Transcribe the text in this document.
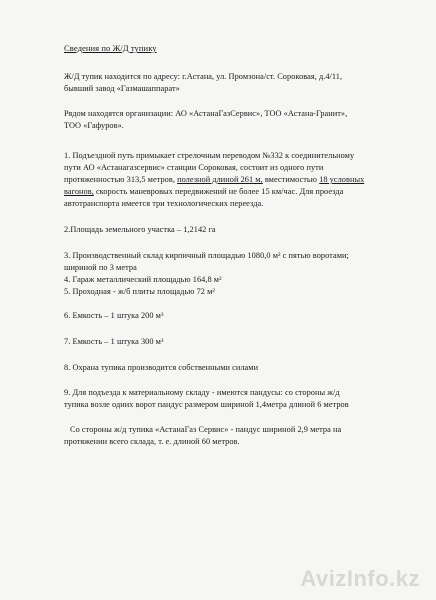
Сведения по Ж/Д тупику
Ж/Д тупик находится по адресу: г.Астана, ул. Промзона/ст. Сороковая, д.4/11,
бывший завод «Газмашаппарат»
Рядом находятся организации: АО «АстанаГазСервис», ТОО «Астана-Гранит»,
ТОО «Гафуров».
1. Подъездной путь примыкает стрелочным переводом №332 к соединительному
пути АО «Астанагазсервис» станции Сороковая, состоит из одного пути
протяженностью 313,5 метров, полезной длиной 261 м, вместимостью 18 условных
вагонов, скорость маневровых передвижений не более 15 км/час. Для проезда
автотранспорта имеется три технологических переезда.
2.Площадь земельного участка – 1,2142 га
3. Производственный склад кирпичный площадью 1080,0 м² с пятью воротами;
шириной по 3 метра
4. Гараж металлический площадью 164,8 м²
5. Проходная - ж/б плиты площадью 72 м²
6. Емкость – 1 штука 200 м³
7. Емкость – 1 штука 300 м³
8. Охрана тупика производится собственными силами
9. Для подъезда к материальному складу - имеются пандусы: со стороны ж/д
тупика возле одних ворот пандус размером шириной 1,4метра длиной 6 метров
Со стороны ж/д тупика «АстанаГаз Сервис» - пандус шириной 2,9 метра на
протяжении всего склада, т. е. длиной 60 метров.
AvizInfo.kz
